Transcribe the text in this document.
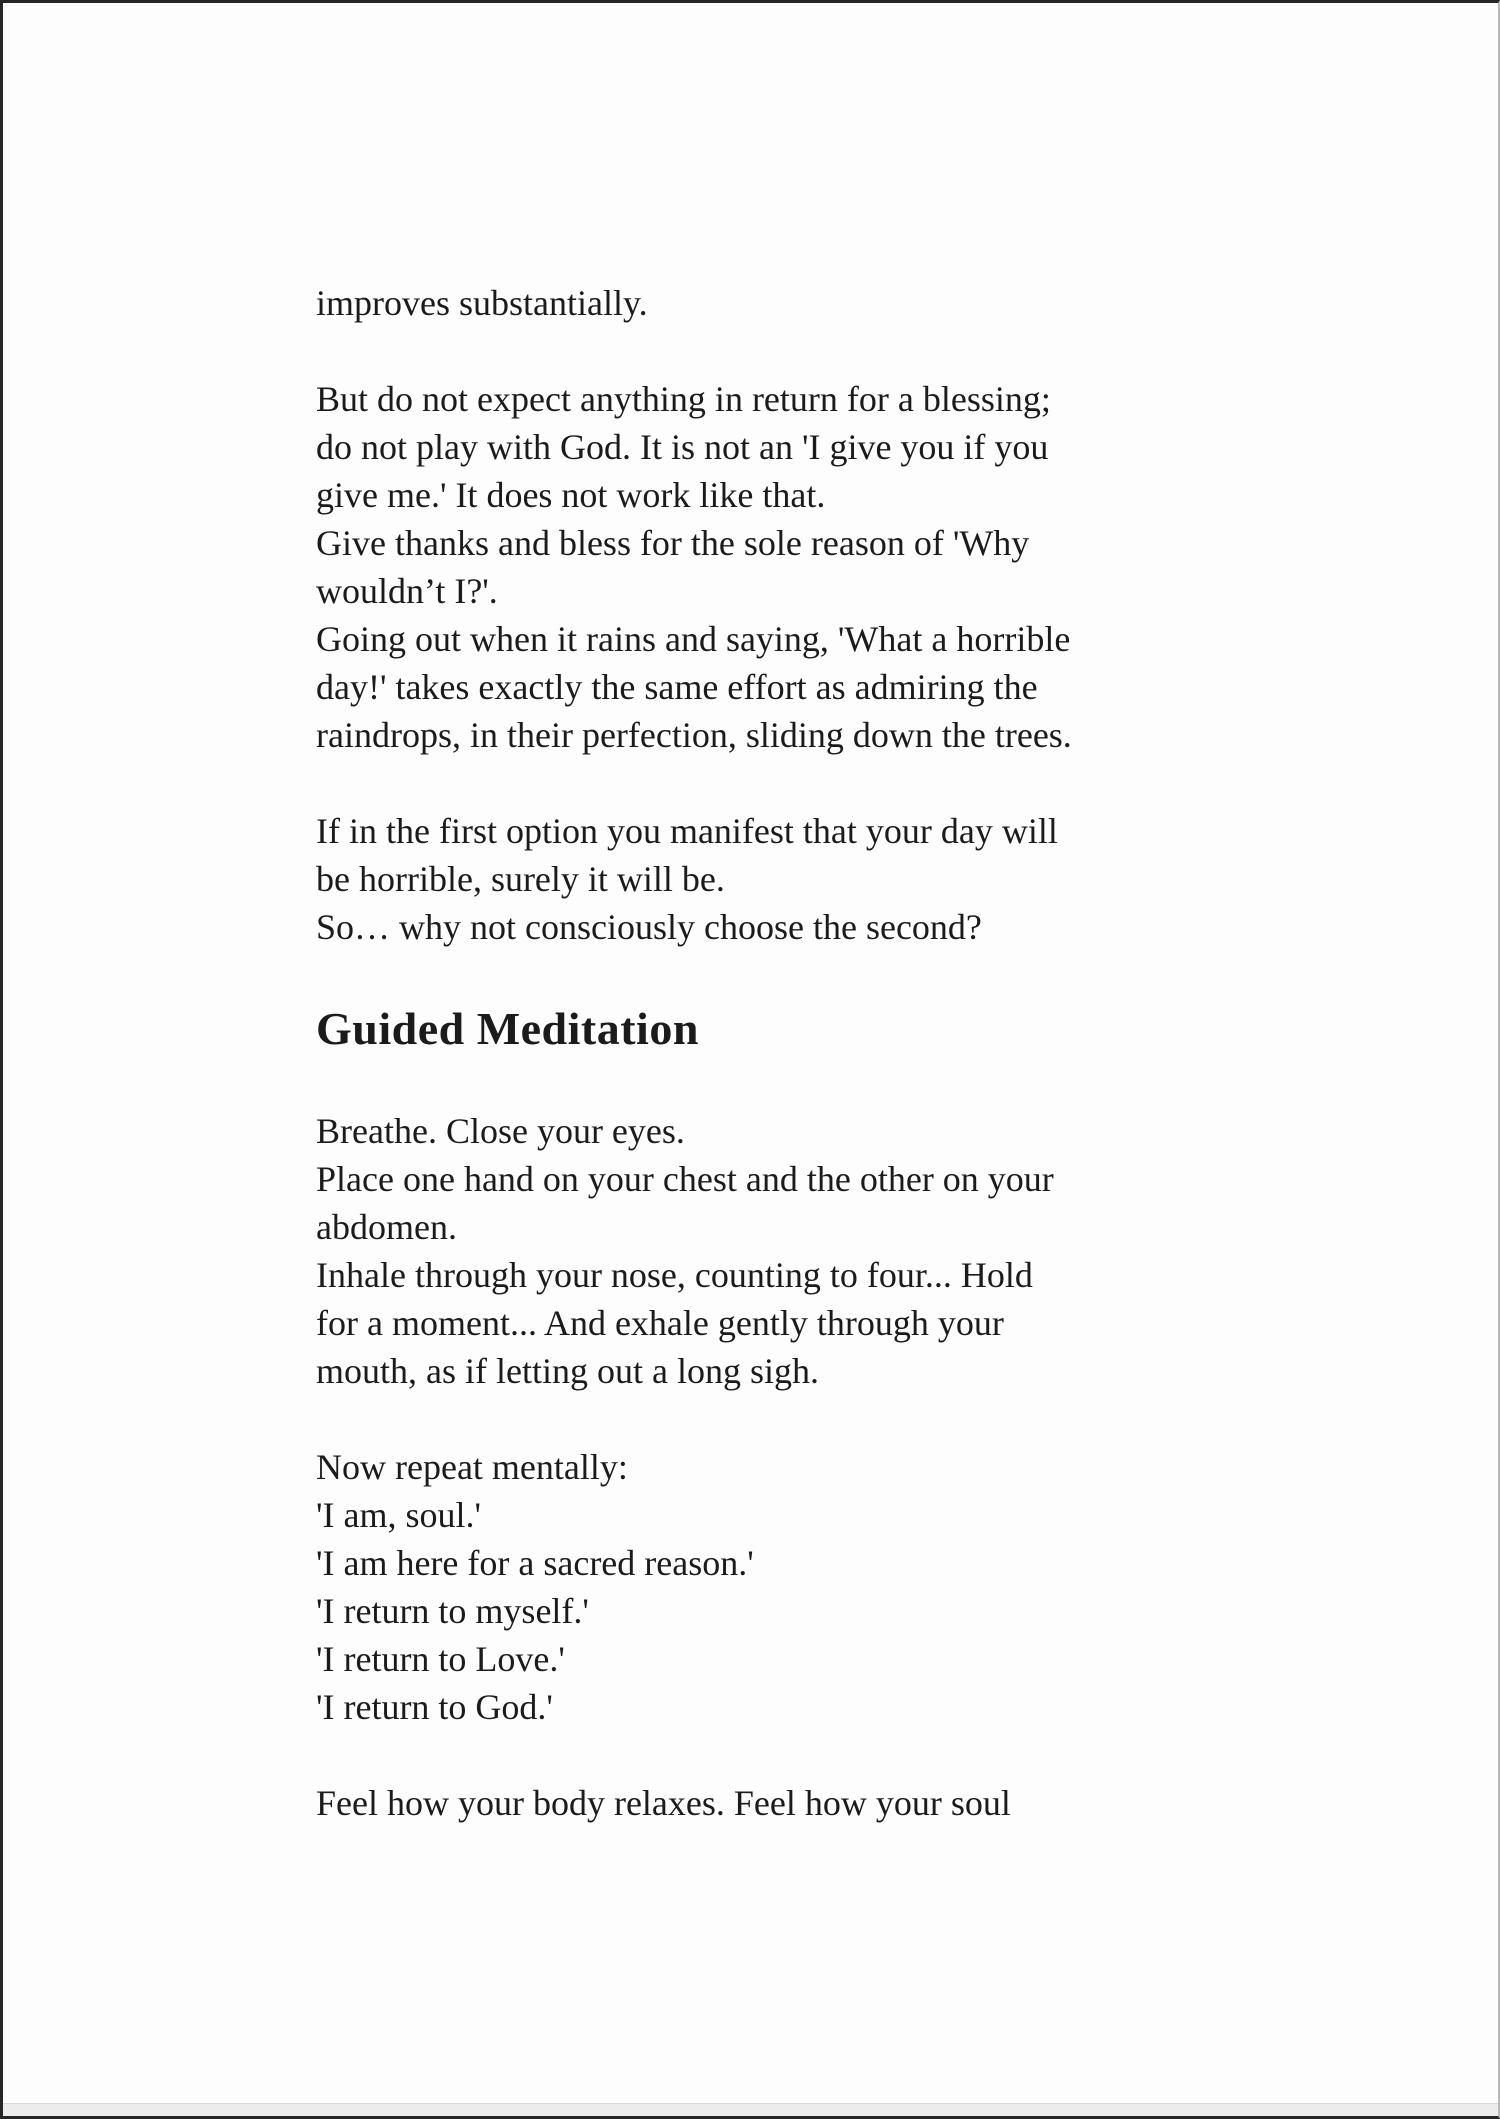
improves substantially.
But do not expect anything in return for a blessing;
do not play with God. It is not an 'I give you if you
give me.' It does not work like that.
Give thanks and bless for the sole reason of 'Why
wouldn’t I?'.
Going out when it rains and saying, 'What a horrible
day!' takes exactly the same effort as admiring the
raindrops, in their perfection, sliding down the trees.
If in the first option you manifest that your day will
be horrible, surely it will be.
So… why not consciously choose the second?
Guided Meditation
Breathe. Close your eyes.
Place one hand on your chest and the other on your
abdomen.
Inhale through your nose, counting to four... Hold
for a moment... And exhale gently through your
mouth, as if letting out a long sigh.
Now repeat mentally:
'I am, soul.'
'I am here for a sacred reason.'
'I return to myself.'
'I return to Love.'
'I return to God.'
Feel how your body relaxes. Feel how your soul
